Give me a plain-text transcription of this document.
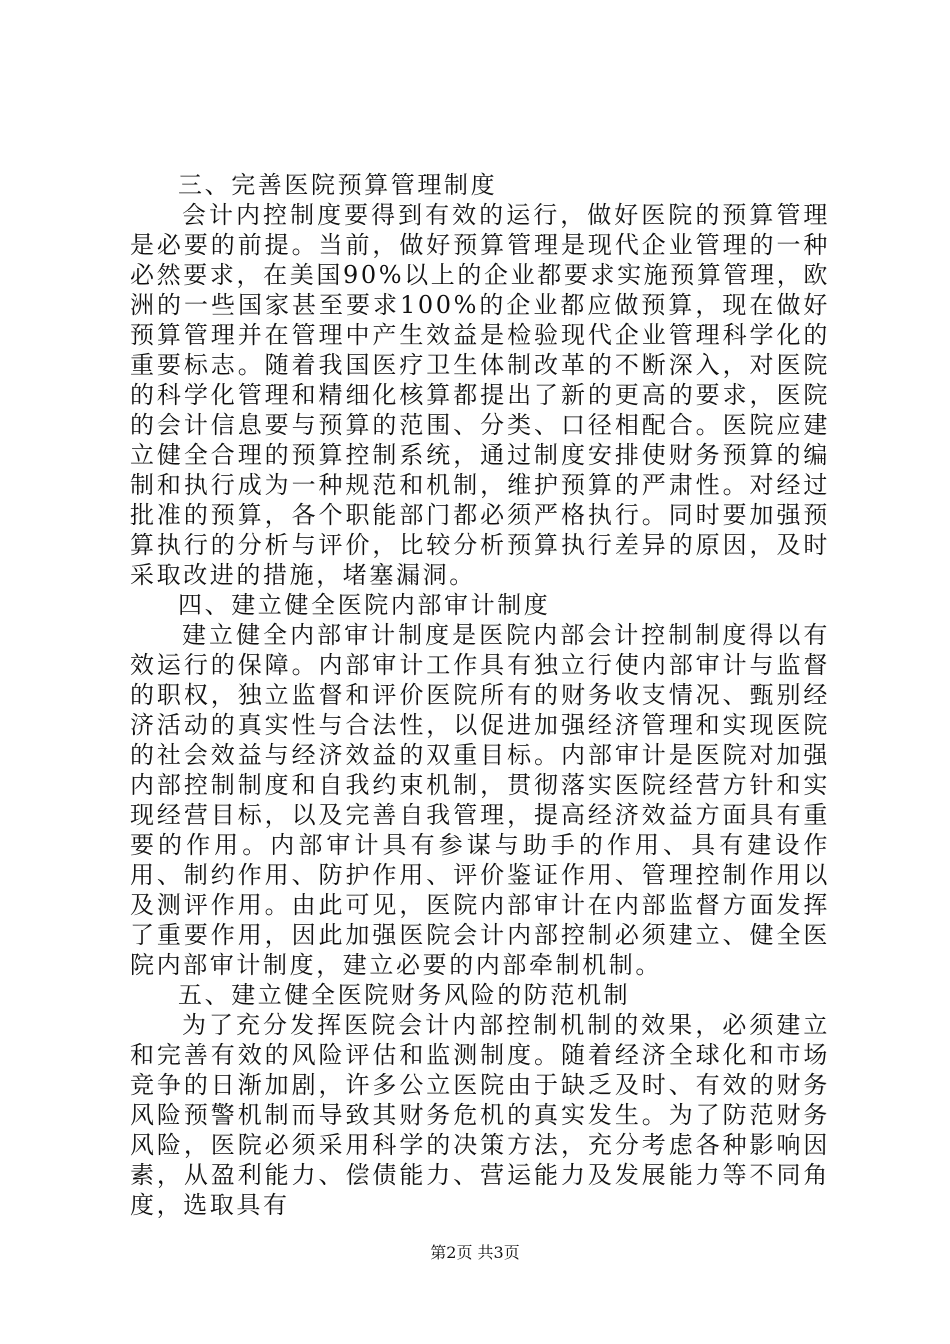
三、完善医院预算管理制度

会计内控制度要得到有效的运行，做好医院的预算管理是必要的前提。当前，做好预算管理是现代企业管理的一种必然要求，在美国90%以上的企业都要求实施预算管理，欧洲的一些国家甚至要求100%的企业都应做预算，现在做好预算管理并在管理中产生效益是检验现代企业管理科学化的重要标志。随着我国医疗卫生体制改革的不断深入，对医院的科学化管理和精细化核算都提出了新的更高的要求，医院的会计信息要与预算的范围、分类、口径相配合。医院应建立健全合理的预算控制系统，通过制度安排使财务预算的编制和执行成为一种规范和机制，维护预算的严肃性。对经过批准的预算，各个职能部门都必须严格执行。同时要加强预算执行的分析与评价，比较分析预算执行差异的原因，及时采取改进的措施，堵塞漏洞。

四、建立健全医院内部审计制度

建立健全内部审计制度是医院内部会计控制制度得以有效运行的保障。内部审计工作具有独立行使内部审计与监督的职权，独立监督和评价医院所有的财务收支情况、甄别经济活动的真实性与合法性，以促进加强经济管理和实现医院的社会效益与经济效益的双重目标。内部审计是医院对加强内部控制制度和自我约束机制，贯彻落实医院经营方针和实现经营目标，以及完善自我管理，提高经济效益方面具有重要的作用。内部审计具有参谋与助手的作用、具有建设作用、制约作用、防护作用、评价鉴证作用、管理控制作用以及测评作用。由此可见，医院内部审计在内部监督方面发挥了重要作用，因此加强医院会计内部控制必须建立、健全医院内部审计制度，建立必要的内部牵制机制。

五、建立健全医院财务风险的防范机制

为了充分发挥医院会计内部控制机制的效果，必须建立和完善有效的风险评估和监测制度。随着经济全球化和市场竞争的日渐加剧，许多公立医院由于缺乏及时、有效的财务风险预警机制而导致其财务危机的真实发生。为了防范财务风险，医院必须采用科学的决策方法，充分考虑各种影响因素，从盈利能力、偿债能力、营运能力及发展能力等不同角度，选取具有

第2页 共3页
